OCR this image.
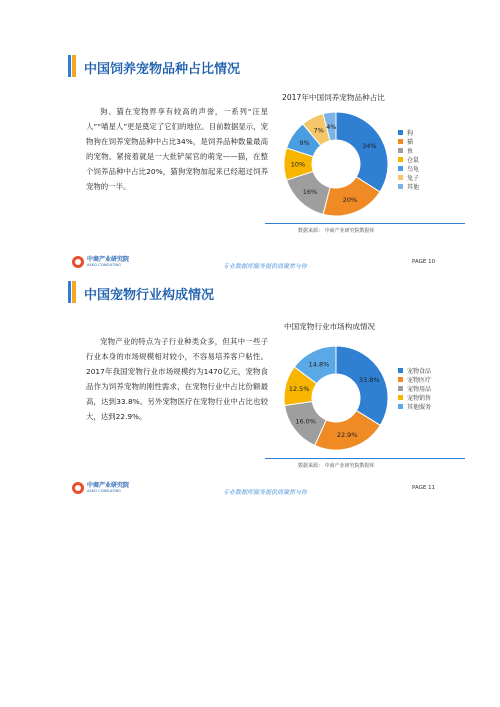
中国饲养宠物品种占比情况
狗、猫在宠物界享有较高的声誉，一系列“汪星人”“喵星人”更是奠定了它们的地位。目前数据显示，宠物狗在饲养宠物品种中占比34%，是饲养品种数量最高的宠物。紧接着就是一大批铲屎官的萌宠——猫，在整个饲养品种中占比20%，猫狗宠物加起来已经超过饲养宠物的一半。
2017年中国饲养宠物品种占比
34%
20%
16%
10%
9%
7% 4%
狗
猫
鱼
仓鼠
鸟龟
兔子
其他
数据来源： 中商产业研究院数据库
中商产业研究院
ASKCI CONSULTING	专业数据库服务提供商聚焦与你
PAGE 10
中国宠物行业构成情况
宠物产业的特点为子行业种类众多，但其中一些子行业本身的市场规模相对较小，不容易培养客户粘性。2017年我国宠物行业市场规模约为1470亿元，宠物食品作为饲养宠物的刚性需求，在宠物行业中占比份额最高，达到33.8%。另外宠物医疗在宠物行业中占比也较大，达到22.9%。
中国宠物行业市场构成情况
33.8%
22.9%
16.0%
12.5%
14.8%
宠物食品
宠物医疗
宠物用品
宠物销售
其他服务
数据来源： 中商产业研究院数据库
中商产业研究院
ASKCI CONSULTING	专业数据库服务提供商聚焦与你
PAGE 11
